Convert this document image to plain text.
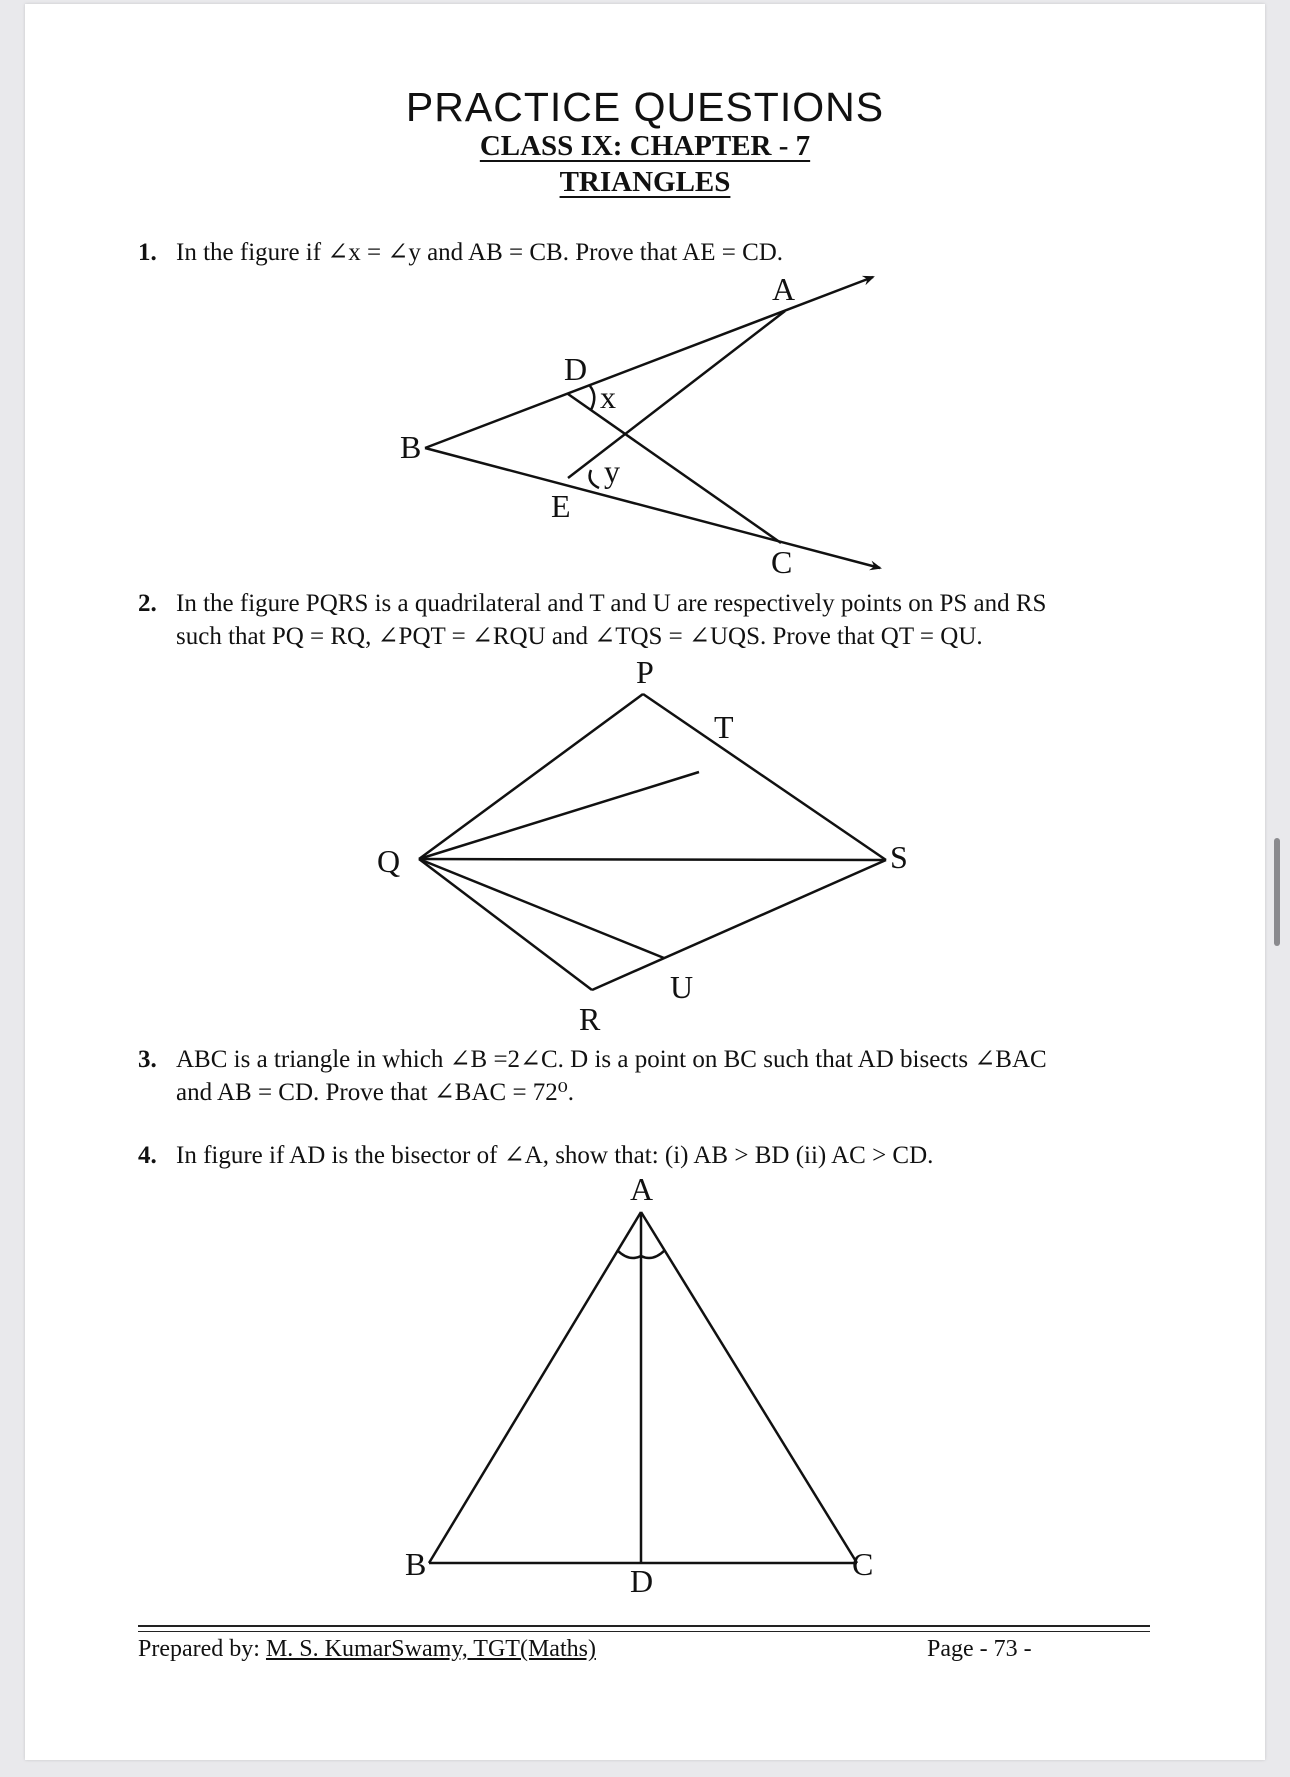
PRACTICE QUESTIONS
CLASS IX: CHAPTER - 7
TRIANGLES
1. In the figure if ∠x = ∠y and AB = CB. Prove that AE = CD.
2. In the figure PQRS is a quadrilateral and T and U are respectively points on PS and RS
such that PQ = RQ, ∠PQT = ∠RQU and ∠TQS = ∠UQS. Prove that QT = QU.
3. ABC is a triangle in which ∠B =2∠C. D is a point on BC such that AD bisects ∠BAC
and AB = CD. Prove that ∠BAC = 72⁰.
4. In figure if AD is the bisector of ∠A, show that: (i) AB > BD (ii) AC > CD.
A
D
x
B
y
E
C
P
T
Q	S
U
R
A
B	C
D
Prepared by: M. S. KumarSwamy, TGT(Maths)	Page - 73 -
